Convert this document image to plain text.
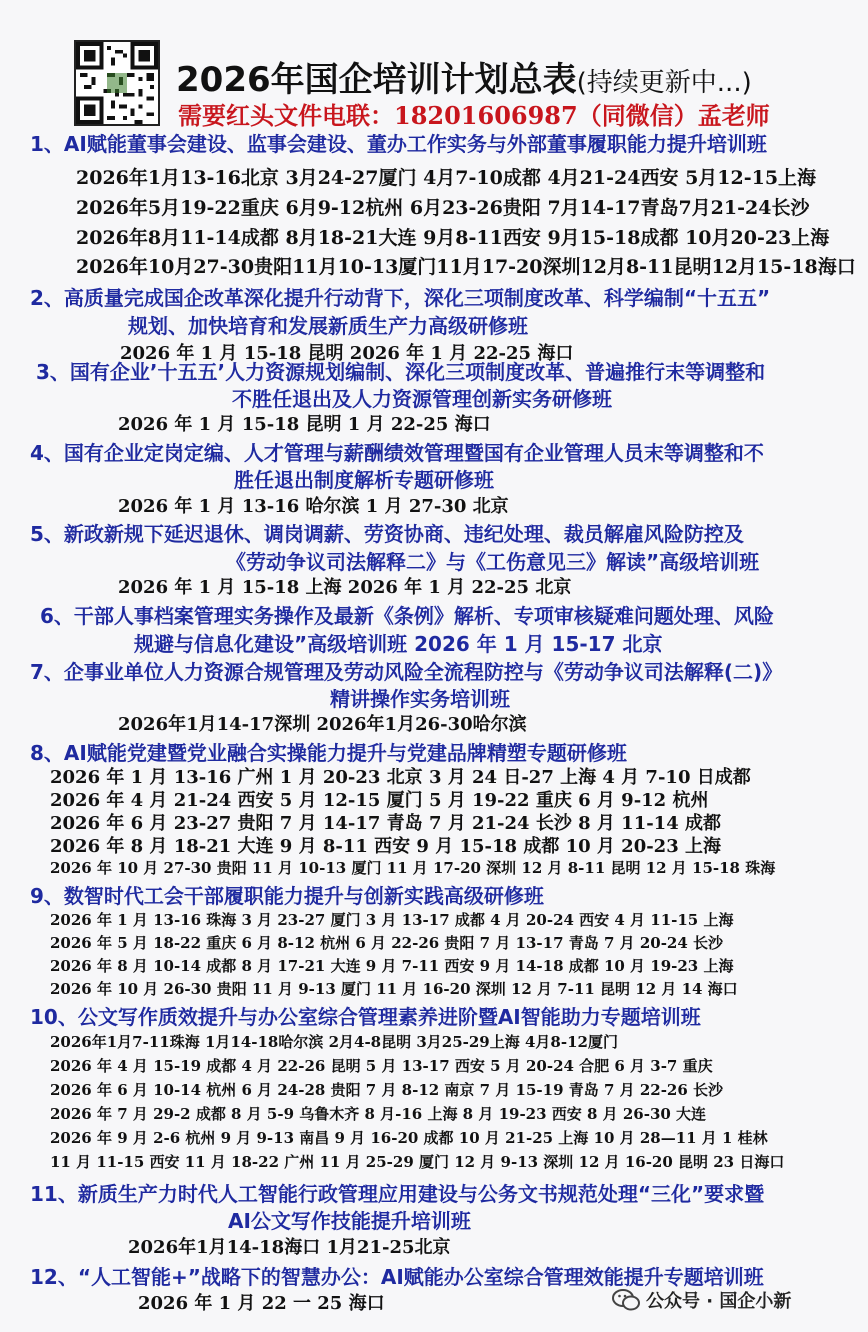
2026年国企培训计划总表(持续更新中...)
需要红头文件电联：18201606987（同微信）孟老师
1、AI赋能董事会建设、监事会建设、董办工作实务与外部董事履职能力提升培训班
2026年1月13-16北京 3月24-27厦门 4月7-10成都 4月21-24西安 5月12-15上海
2026年5月19-22重庆 6月9-12杭州 6月23-26贵阳 7月14-17青岛7月21-24长沙
2026年8月11-14成都 8月18-21大连 9月8-11西安 9月15-18成都 10月20-23上海
2026年10月27-30贵阳11月10-13厦门11月17-20深圳12月8-11昆明12月15-18海口
2、高质量完成国企改革深化提升行动背下，深化三项制度改革、科学编制“十五五”
规划、加快培育和发展新质生产力高级研修班
2026 年 1 月 15-18 昆明 2026 年 1 月 22-25 海口
3、国有企业’十五五’人力资源规划编制、深化三项制度改革、普遍推行末等调整和
不胜任退出及人力资源管理创新实务研修班
2026 年 1 月 15-18 昆明 1 月 22-25 海口
4、国有企业定岗定编、人才管理与薪酬绩效管理暨国有企业管理人员末等调整和不
胜任退出制度解析专题研修班
2026 年 1 月 13-16 哈尔滨 1 月 27-30 北京
5、新政新规下延迟退休、调岗调薪、劳资协商、违纪处理、裁员解雇风险防控及
《劳动争议司法解释二》与《工伤意见三》解读”高级培训班
2026 年 1 月 15-18 上海 2026 年 1 月 22-25 北京
6、干部人事档案管理实务操作及最新《条例》解析、专项审核疑难问题处理、风险
规避与信息化建设”高级培训班 2026 年 1 月 15-17 北京
7、企事业单位人力资源合规管理及劳动风险全流程防控与《劳动争议司法解释(二)》
精讲操作实务培训班
2026年1月14-17深圳 2026年1月26-30哈尔滨
8、AI赋能党建暨党业融合实操能力提升与党建品牌精塑专题研修班
2026 年 1 月 13-16 广州 1 月 20-23 北京 3 月 24 日-27 上海 4 月 7-10 日成都
2026 年 4 月 21-24 西安 5 月 12-15 厦门 5 月 19-22 重庆 6 月 9-12 杭州
2026 年 6 月 23-27 贵阳 7 月 14-17 青岛 7 月 21-24 长沙 8 月 11-14 成都
2026 年 8 月 18-21 大连 9 月 8-11 西安 9 月 15-18 成都 10 月 20-23 上海
2026 年 10 月 27-30 贵阳 11 月 10-13 厦门 11 月 17-20 深圳 12 月 8-11 昆明 12 月 15-18 珠海
9、数智时代工会干部履职能力提升与创新实践高级研修班
2026 年 1 月 13-16 珠海 3 月 23-27 厦门 3 月 13-17 成都 4 月 20-24 西安 4 月 11-15 上海
2026 年 5 月 18-22 重庆 6 月 8-12 杭州 6 月 22-26 贵阳 7 月 13-17 青岛 7 月 20-24 长沙
2026 年 8 月 10-14 成都 8 月 17-21 大连 9 月 7-11 西安 9 月 14-18 成都 10 月 19-23 上海
2026 年 10 月 26-30 贵阳 11 月 9-13 厦门 11 月 16-20 深圳 12 月 7-11 昆明 12 月 14 海口
10、公文写作质效提升与办公室综合管理素养进阶暨AI智能助力专题培训班
2026年1月7-11珠海 1月14-18哈尔滨 2月4-8昆明 3月25-29上海 4月8-12厦门
2026 年 4 月 15-19 成都 4 月 22-26 昆明 5 月 13-17 西安 5 月 20-24 合肥 6 月 3-7 重庆
2026 年 6 月 10-14 杭州 6 月 24-28 贵阳 7 月 8-12 南京 7 月 15-19 青岛 7 月 22-26 长沙
2026 年 7 月 29-2 成都 8 月 5-9 乌鲁木齐 8 月-16 上海 8 月 19-23 西安 8 月 26-30 大连
2026 年 9 月 2-6 杭州 9 月 9-13 南昌 9 月 16-20 成都 10 月 21-25 上海 10 月 28—11 月 1 桂林
11 月 11-15 西安 11 月 18-22 广州 11 月 25-29 厦门 12 月 9-13 深圳 12 月 16-20 昆明 23 日海口
11、新质生产力时代人工智能行政管理应用建设与公务文书规范处理“三化”要求暨
AI公文写作技能提升培训班
2026年1月14-18海口 1月21-25北京
12、“人工智能+”战略下的智慧办公：AI赋能办公室综合管理效能提升专题培训班
2026 年 1 月 22 一 25 海口	公众号 · 国企小新
